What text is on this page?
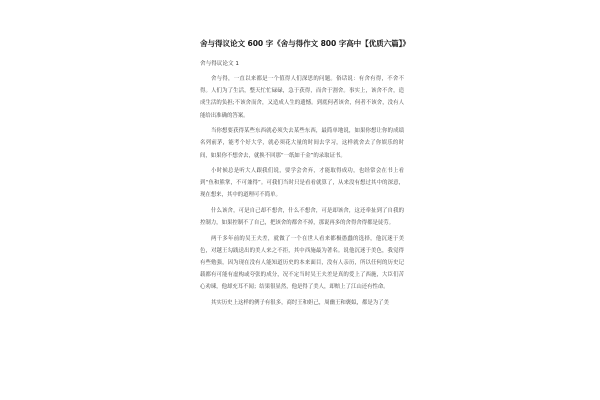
舍与得议论文 600 字《舍与得作文 800 字高中【优质六篇】》
舍与得议论文 1

舍与得，一直以来都是一个值得人们深思的问题。俗话说：有舍有得，不舍不得。人们为了生活，整天忙忙碌碌，急于获得，而舍于割舍。事实上，该舍不舍，造成生活的负担;不该舍而舍，又造成人生的遗憾。到底何者该舍，何者不该舍，没有人能给出准确的答案。

当你想要获得某些东西就必须失去某些东西，最简单地说，如果你想让你的成绩名列前茅，能考个好大学，就必须花大量的时间去学习，这样就舍去了你娱乐的时间，如果你不想舍去，就换不回那“一纸如千金”的录取证书。

小时候总是听大人跟我们说，要学会舍弃，才能取得成功，也经常会在书上看到“鱼和熊掌，不可兼得”。可我们当时只是看看就算了，从来没有想过其中的深意，现在想来，其中的道理可不简单。

什么该舍，可是自己却不想舍，什么不想舍，可是却该舍，这还牵扯到了自我的控制力，如果控制不了自己，把该舍的都舍不掉，那说再多的舍得舍得都是徒劳。

两千多年前的吴王夫差，就做了一个在世人看来都极愚蠢的选择，他沉迷于美色，对越王勾践送出的美人来之不拒，其中西施最为著名。说他沉迷于美色，我觉得有些勉强，因为现在没有人能知道历史的本来面目，没有人亲历，所以任何的历史记载都有可能有虚构或夸张的成分，况不定当时吴王夫差是真的爱上了西施，大臣们苦心劝谏，他却充耳不闻；结果很显然，他是得了美人，却赔上了江山还有性命。

其实历史上这样的例子有很多，商纣王和妲己，周幽王和褒姒，都是为了美
